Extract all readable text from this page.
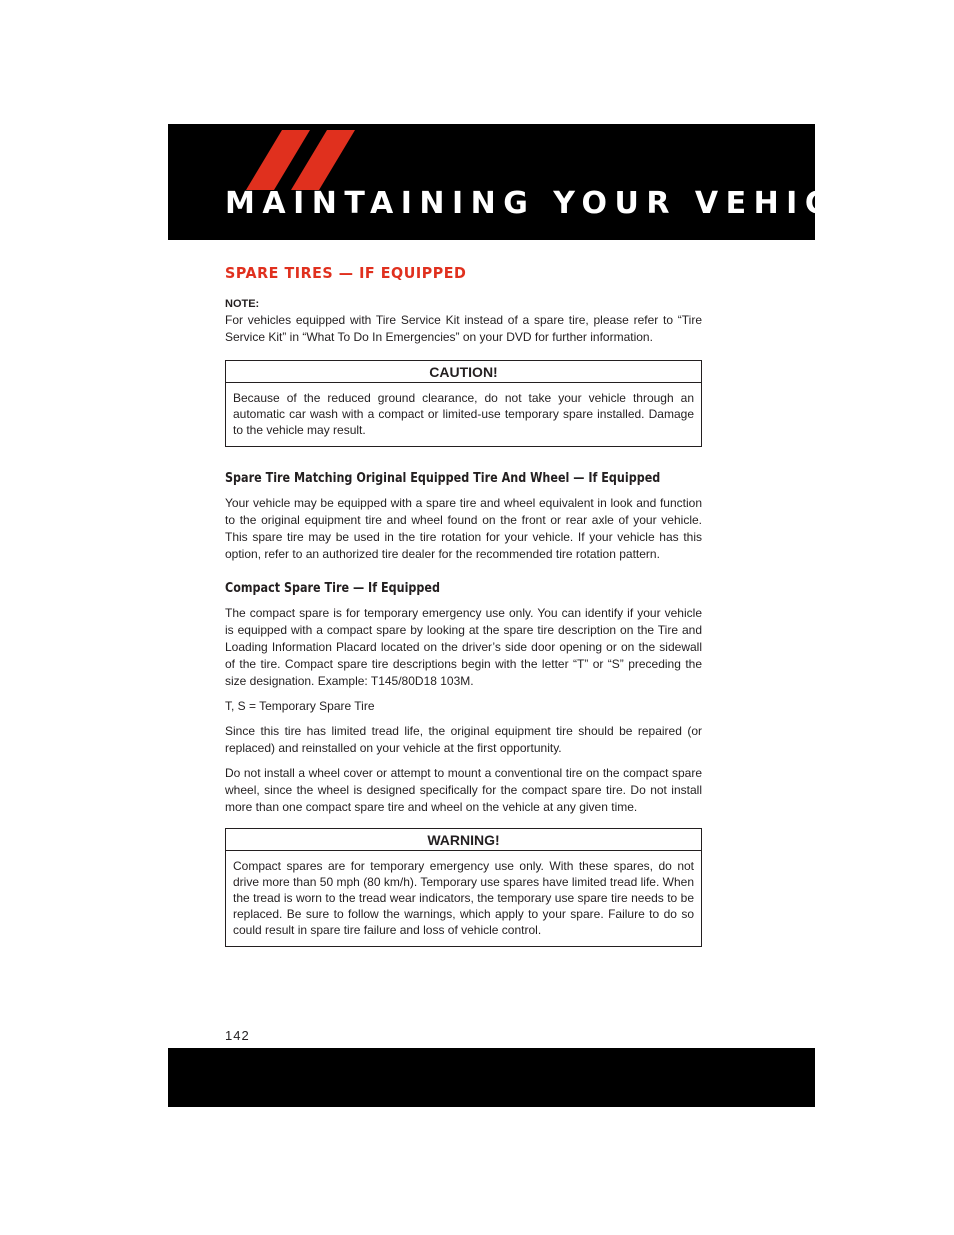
MAINTAINING YOUR VEHICLE
SPARE TIRES — IF EQUIPPED
NOTE:

For vehicles equipped with Tire Service Kit instead of a spare tire, please refer to “Tire Service Kit” in “What To Do In Emergencies” on your DVD for further information.

CAUTION!

Because of the reduced ground clearance, do not take your vehicle through an automatic car wash with a compact or limited-use temporary spare installed. Damage to the vehicle may result.

Spare Tire Matching Original Equipped Tire And Wheel — If Equipped

Your vehicle may be equipped with a spare tire and wheel equivalent in look and function to the original equipment tire and wheel found on the front or rear axle of your vehicle. This spare tire may be used in the tire rotation for your vehicle. If your vehicle has this option, refer to an authorized tire dealer for the recommended tire rotation pattern.

Compact Spare Tire — If Equipped

The compact spare is for temporary emergency use only. You can identify if your vehicle is equipped with a compact spare by looking at the spare tire description on the Tire and Loading Information Placard located on the driver’s side door opening or on the sidewall of the tire. Compact spare tire descriptions begin with the letter “T” or “S” preceding the size designation. Example: T145/80D18 103M.

T, S = Temporary Spare Tire

Since this tire has limited tread life, the original equipment tire should be repaired (or replaced) and reinstalled on your vehicle at the first opportunity.

Do not install a wheel cover or attempt to mount a conventional tire on the compact spare wheel, since the wheel is designed specifically for the compact spare tire. Do not install more than one compact spare tire and wheel on the vehicle at any given time.

WARNING!

Compact spares are for temporary emergency use only. With these spares, do not drive more than 50 mph (80 km/h). Temporary use spares have limited tread life. When the tread is worn to the tread wear indicators, the temporary use spare tire needs to be replaced. Be sure to follow the warnings, which apply to your spare. Failure to do so could result in spare tire failure and loss of vehicle control.

142
